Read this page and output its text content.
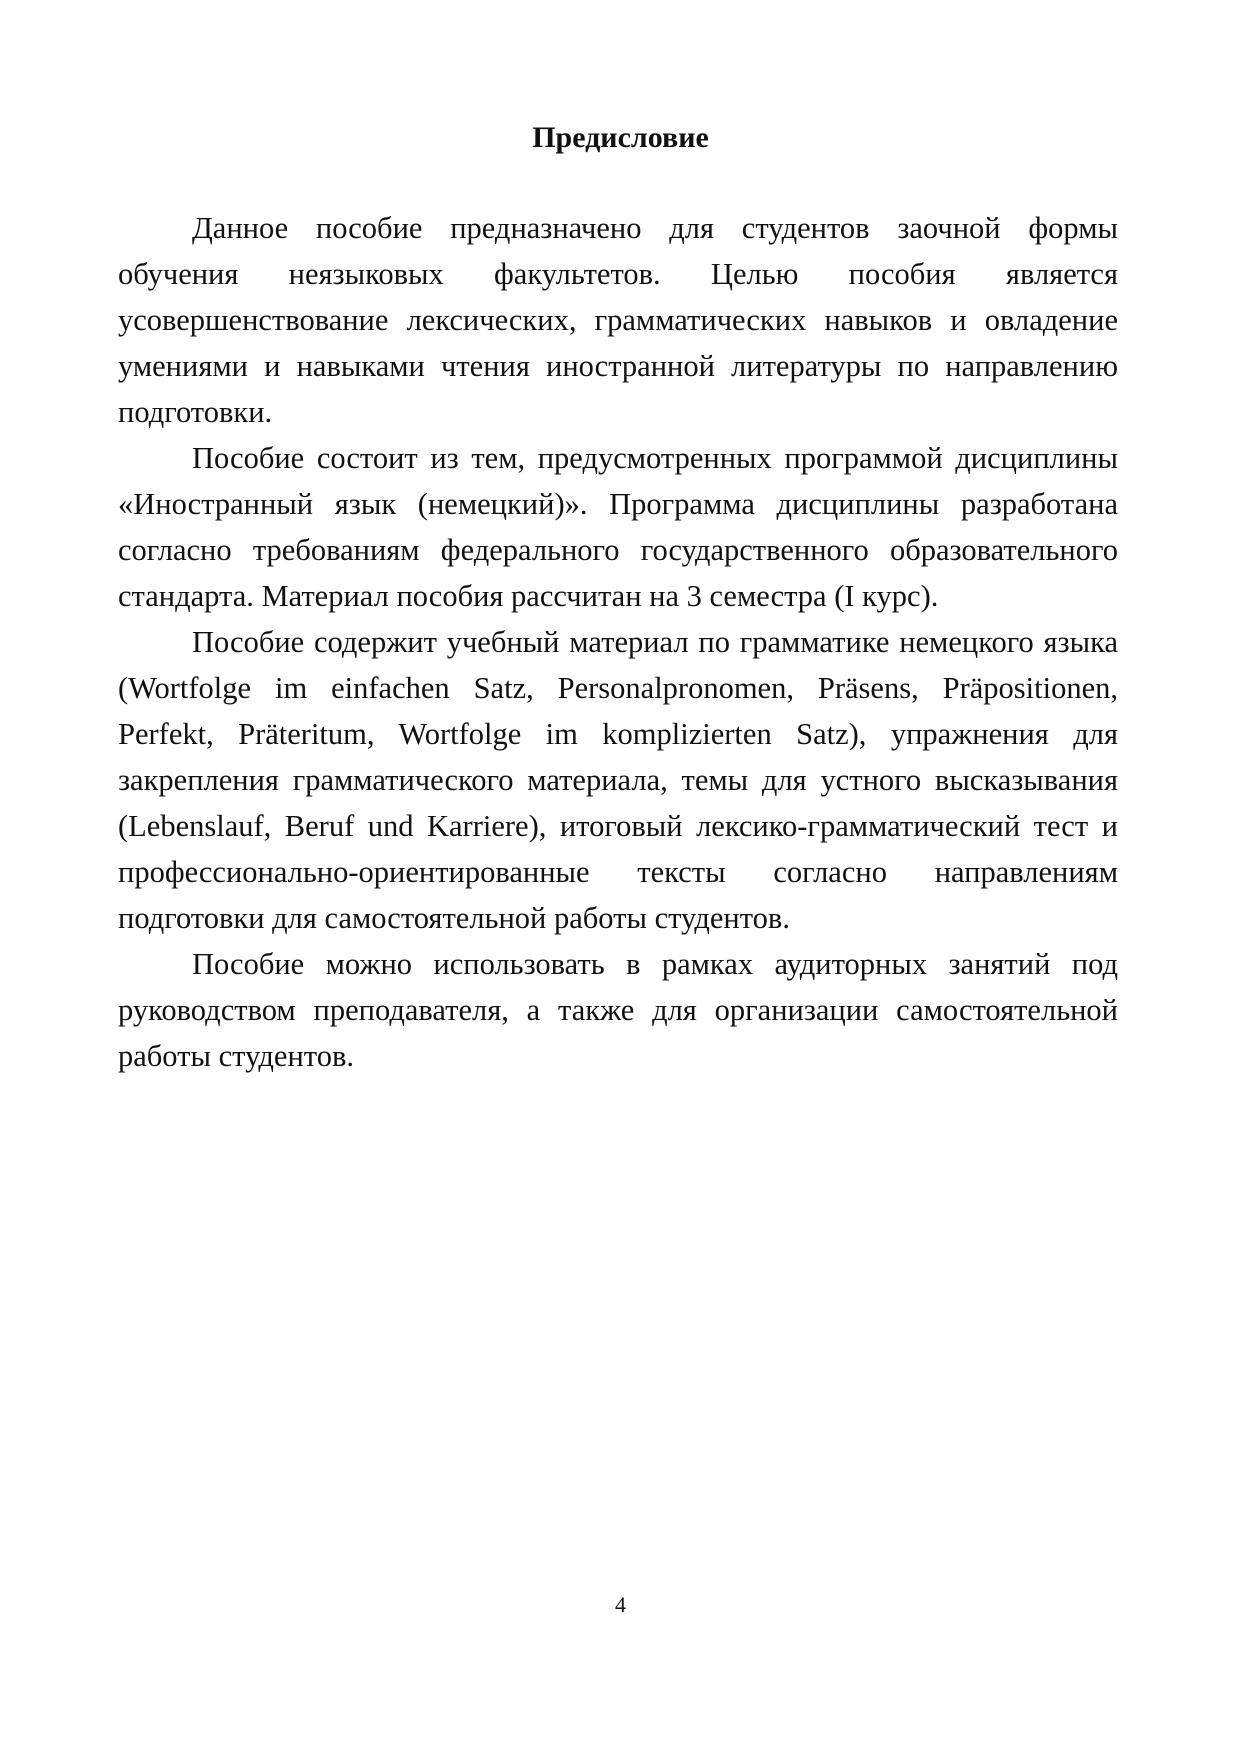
Предисловие

Данное пособие предназначено для студентов заочной формы обучения неязыковых факультетов. Целью пособия является усовершенствование лексических, грамматических навыков и овладение умениями и навыками чтения иностранной литературы по направлению подготовки.

Пособие состоит из тем, предусмотренных программой дисциплины «Иностранный язык (немецкий)». Программа дисциплины разработана согласно требованиям федерального государственного образовательного стандарта. Материал пособия рассчитан на 3 семестра (I курс).

Пособие содержит учебный материал по грамматике немецкого языка (Wortfolge im einfachen Satz, Personalpronomen, Präsens, Präpositionen, Perfekt, Präteritum, Wortfolge im komplizierten Satz), упражнения для закрепления грамматического материала, темы для устного высказывания (Lebenslauf, Beruf und Karriere), итоговый лексико-грамматический тест и профессионально-ориентированные тексты согласно направлениям подготовки для самостоятельной работы студентов.

Пособие можно использовать в рамках аудиторных занятий под руководством преподавателя, а также для организации самостоятельной работы студентов.

4
